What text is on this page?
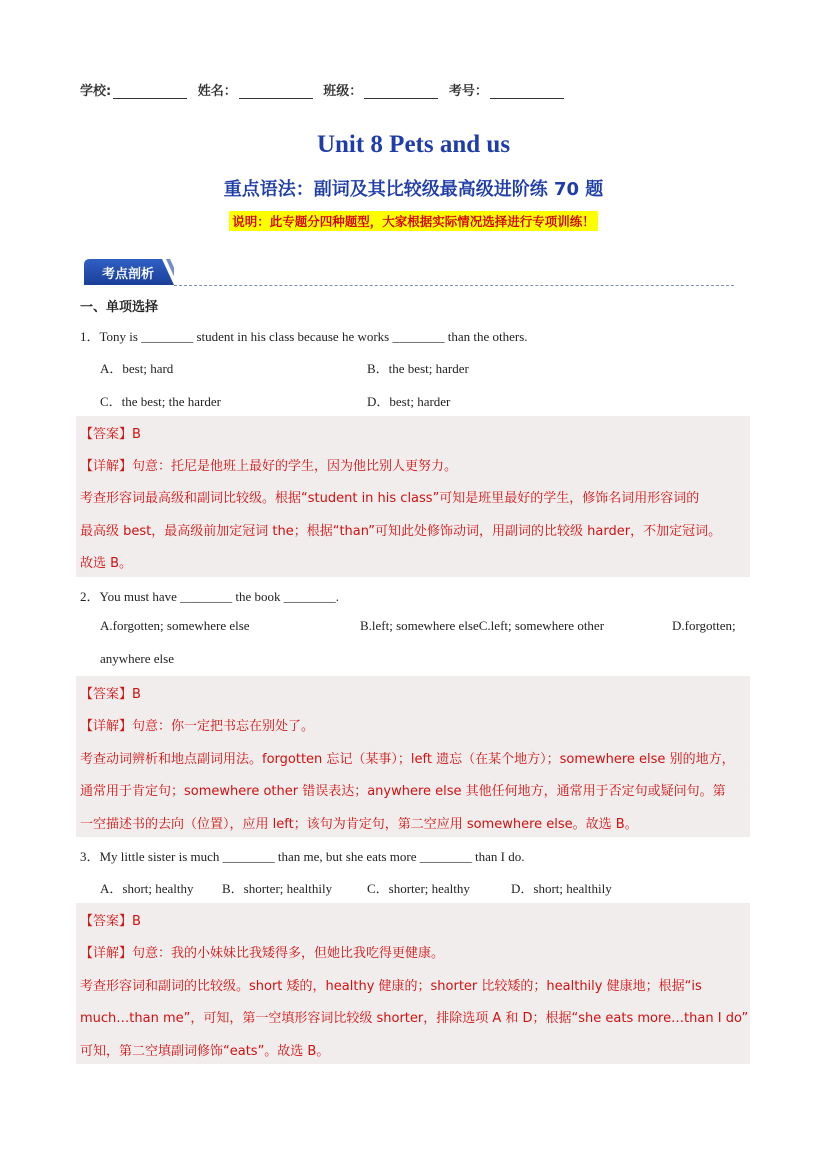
学校:	姓名：	班级：	考号：
Unit 8 Pets and us
重点语法：副词及其比较级最高级进阶练 70 题
说明：此专题分四种题型，大家根据实际情况选择进行专项训练！
考点剖析
一、单项选择
1．Tony is ________ student in his class because he works ________ than the others.
A．best; hard	B．the best; harder
C．the best; the harder	D．best; harder
【答案】B
【详解】句意：托尼是他班上最好的学生，因为他比别人更努力。
考查形容词最高级和副词比较级。根据“student in his class”可知是班里最好的学生，修饰名词用形容词的
最高级 best，最高级前加定冠词 the；根据“than”可知此处修饰动词，用副词的比较级 harder，不加定冠词。
故选 B。
2．You must have ________ the book ________.
A.forgotten; somewhere else	B.left; somewhere elseC.left; somewhere other	D.forgotten;
anywhere else
【答案】B
【详解】句意：你一定把书忘在别处了。
考查动词辨析和地点副词用法。forgotten 忘记（某事）；left 遗忘（在某个地方）；somewhere else 别的地方，
通常用于肯定句；somewhere other 错误表达；anywhere else 其他任何地方，通常用于否定句或疑问句。第
一空描述书的去向（位置），应用 left；该句为肯定句，第二空应用 somewhere else。故选 B。
3．My little sister is much ________ than me, but she eats more ________ than I do.
A．short; healthy B．shorter; healthily	C．shorter; healthy	D．short; healthily
【答案】B
【详解】句意：我的小妹妹比我矮得多，但她比我吃得更健康。
考查形容词和副词的比较级。short 矮的，healthy 健康的；shorter 比较矮的；healthily 健康地；根据“is
much…than me”，可知，第一空填形容词比较级 shorter，排除选项 A 和 D；根据“she eats more…than I do”
可知，第二空填副词修饰“eats”。故选 B。
